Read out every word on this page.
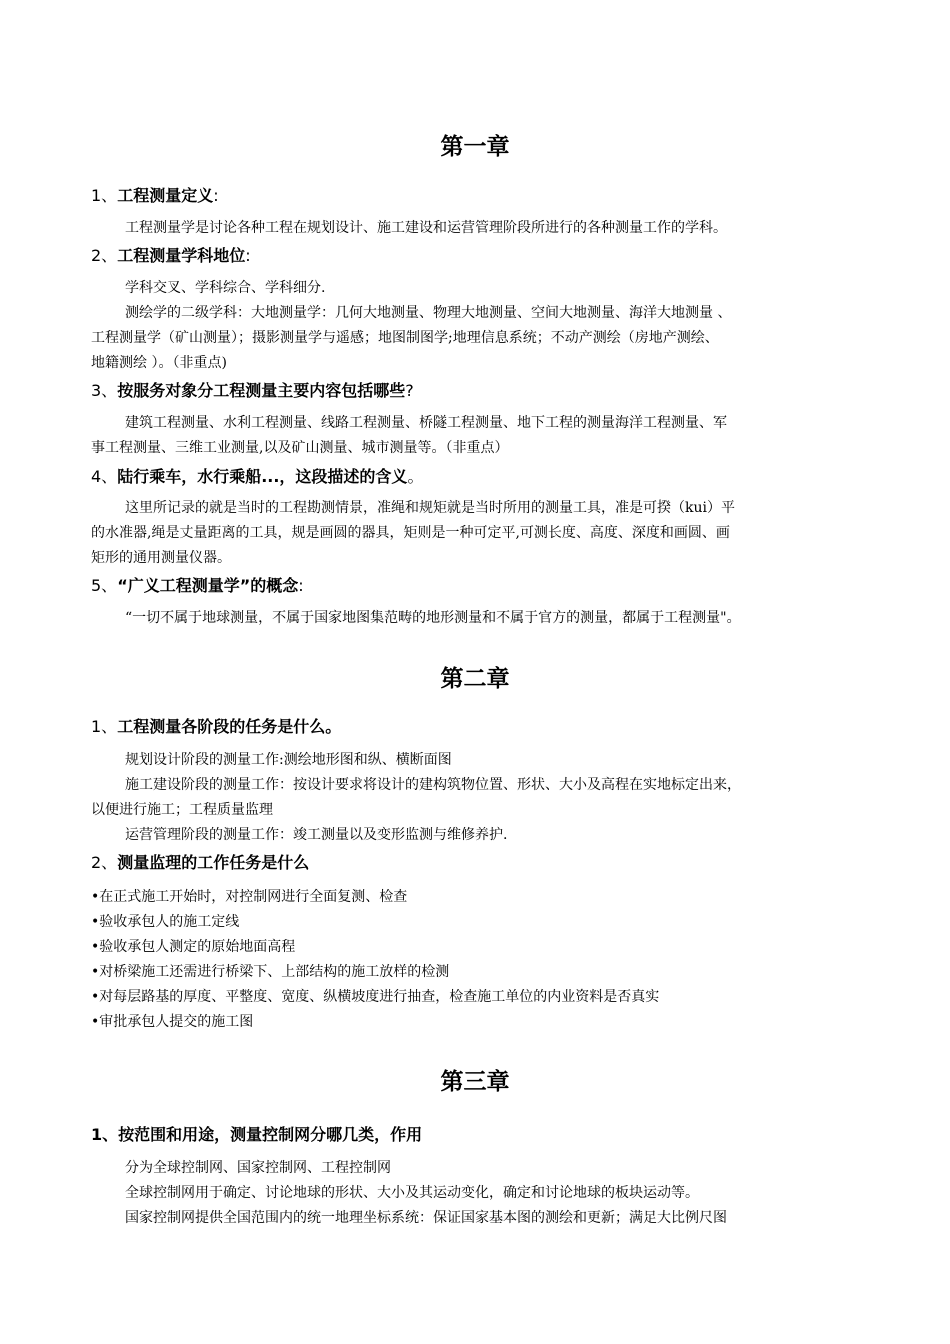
第一章
1、工程测量定义:
工程测量学是讨论各种工程在规划设计、施工建设和运营管理阶段所进行的各种测量工作的学科。
2、工程测量学科地位:
学科交叉、学科综合、学科细分.
测绘学的二级学科：大地测量学：几何大地测量、物理大地测量、空间大地测量、海洋大地测量 、
工程测量学（矿山测量）；摄影测量学与遥感；地图制图学;地理信息系统；不动产测绘（房地产测绘、
地籍测绘 ）。（非重点)
3、按服务对象分工程测量主要内容包括哪些?
建筑工程测量、水利工程测量、线路工程测量、桥隧工程测量、地下工程的测量海洋工程测量、军
事工程测量、三维工业测量,以及矿山测量、城市测量等。（非重点）
4、陆行乘车，水行乘船...，这段描述的含义。
这里所记录的就是当时的工程勘测情景，准绳和规矩就是当时所用的测量工具，准是可揆（kui）平
的水准器,绳是丈量距离的工具，规是画圆的器具，矩则是一种可定平,可测长度、高度、深度和画圆、画
矩形的通用测量仪器。
5、“广义工程测量学”的概念:
“一切不属于地球测量，不属于国家地图集范畴的地形测量和不属于官方的测量，都属于工程测量"。
第二章
1、工程测量各阶段的任务是什么。
规划设计阶段的测量工作:测绘地形图和纵、横断面图
施工建设阶段的测量工作：按设计要求将设计的建构筑物位置、形状、大小及高程在实地标定出来，
以便进行施工；工程质量监理
运营管理阶段的测量工作：竣工测量以及变形监测与维修养护.
2、测量监理的工作任务是什么
•在正式施工开始时，对控制网进行全面复测、检查
•验收承包人的施工定线
•验收承包人测定的原始地面高程
•对桥梁施工还需进行桥梁下、上部结构的施工放样的检测
•对每层路基的厚度、平整度、宽度、纵横坡度进行抽查，检查施工单位的内业资料是否真实
•审批承包人提交的施工图
第三章
1、按范围和用途，测量控制网分哪几类，作用
分为全球控制网、国家控制网、工程控制网
全球控制网用于确定、讨论地球的形状、大小及其运动变化，确定和讨论地球的板块运动等。
国家控制网提供全国范围内的统一地理坐标系统：保证国家基本图的测绘和更新；满足大比例尺图
